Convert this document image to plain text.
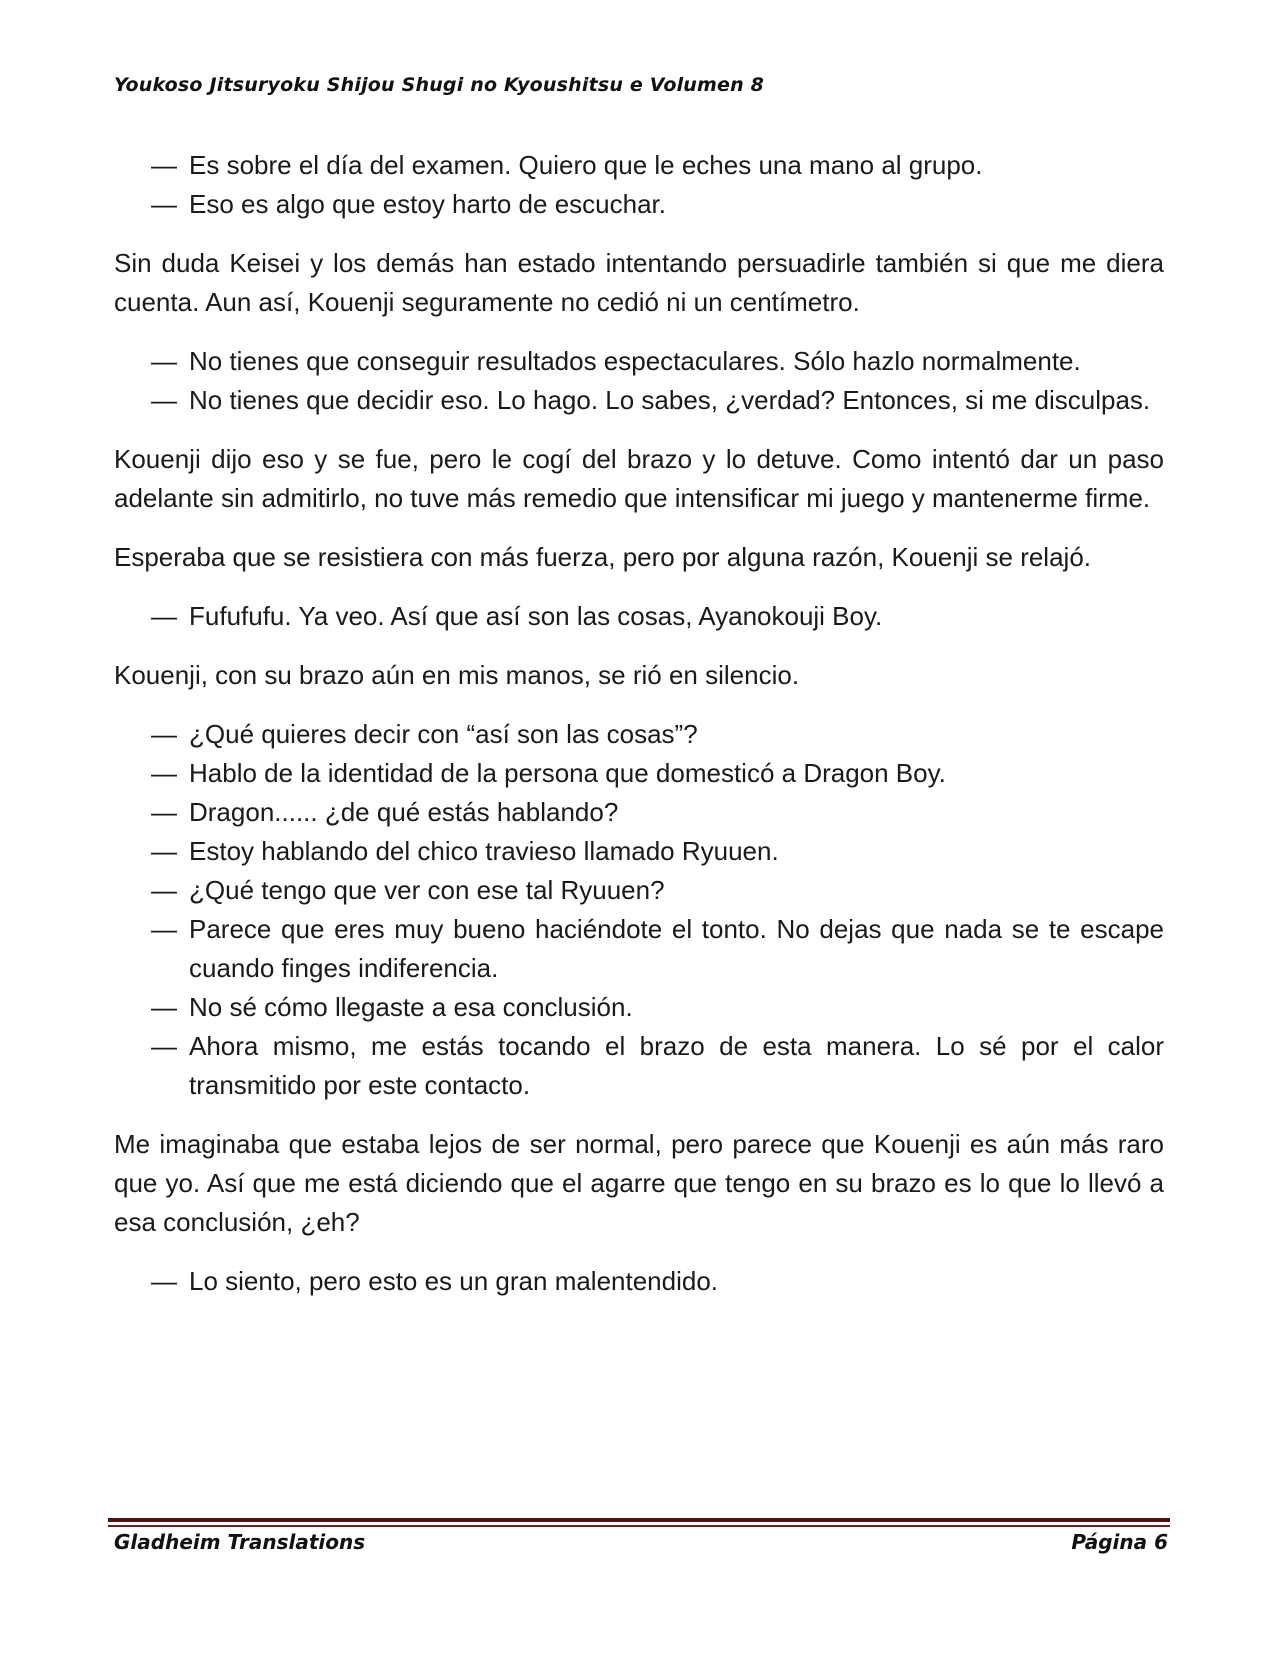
Youkoso Jitsuryoku Shijou Shugi no Kyoushitsu e Volumen 8

— Es sobre el día del examen. Quiero que le eches una mano al grupo.

— Eso es algo que estoy harto de escuchar.

Sin duda Keisei y los demás han estado intentando persuadirle también si que me diera cuenta. Aun así, Kouenji seguramente no cedió ni un centímetro.

— No tienes que conseguir resultados espectaculares. Sólo hazlo normalmente.

— No tienes que decidir eso. Lo hago. Lo sabes, ¿verdad? Entonces, si me disculpas.

Kouenji dijo eso y se fue, pero le cogí del brazo y lo detuve. Como intentó dar un paso adelante sin admitirlo, no tuve más remedio que intensificar mi juego y mantenerme firme.

Esperaba que se resistiera con más fuerza, pero por alguna razón, Kouenji se relajó.

— Fufufufu. Ya veo. Así que así son las cosas, Ayanokouji Boy.

Kouenji, con su brazo aún en mis manos, se rió en silencio.

— ¿Qué quieres decir con “así son las cosas”?

— Hablo de la identidad de la persona que domesticó a Dragon Boy.

— Dragon...... ¿de qué estás hablando?

— Estoy hablando del chico travieso llamado Ryuuen.

— ¿Qué tengo que ver con ese tal Ryuuen?

— Parece que eres muy bueno haciéndote el tonto. No dejas que nada se te escape cuando finges indiferencia.

— No sé cómo llegaste a esa conclusión.

— Ahora mismo, me estás tocando el brazo de esta manera. Lo sé por el calor transmitido por este contacto.

Me imaginaba que estaba lejos de ser normal, pero parece que Kouenji es aún más raro que yo. Así que me está diciendo que el agarre que tengo en su brazo es lo que lo llevó a esa conclusión, ¿eh?

— Lo siento, pero esto es un gran malentendido.

Gladheim Translations	Página 6
